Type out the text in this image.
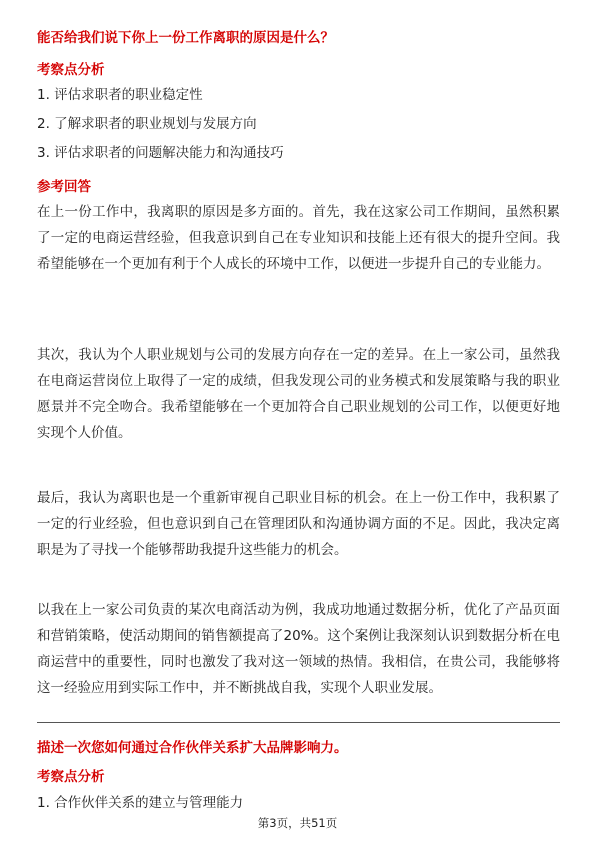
能否给我们说下你上一份工作离职的原因是什么？
考察点分析
1. 评估求职者的职业稳定性
2. 了解求职者的职业规划与发展方向
3. 评估求职者的问题解决能力和沟通技巧
参考回答

在上一份工作中，我离职的原因是多方面的。首先，我在这家公司工作期间，虽然积累了一定的电商运营经验，但我意识到自己在专业知识和技能上还有很大的提升空间。我希望能够在一个更加有利于个人成长的环境中工作，以便进一步提升自己的专业能力。

其次，我认为个人职业规划与公司的发展方向存在一定的差异。在上一家公司，虽然我在电商运营岗位上取得了一定的成绩，但我发现公司的业务模式和发展策略与我的职业愿景并不完全吻合。我希望能够在一个更加符合自己职业规划的公司工作，以便更好地实现个人价值。

最后，我认为离职也是一个重新审视自己职业目标的机会。在上一份工作中，我积累了一定的行业经验，但也意识到自己在管理团队和沟通协调方面的不足。因此，我决定离职是为了寻找一个能够帮助我提升这些能力的机会。

以我在上一家公司负责的某次电商活动为例，我成功地通过数据分析，优化了产品页面和营销策略，使活动期间的销售额提高了20%。这个案例让我深刻认识到数据分析在电商运营中的重要性，同时也激发了我对这一领域的热情。我相信，在贵公司，我能够将这一经验应用到实际工作中，并不断挑战自我，实现个人职业发展。

描述一次您如何通过合作伙伴关系扩大品牌影响力。
考察点分析
1. 合作伙伴关系的建立与管理能力
第3页，共51页
